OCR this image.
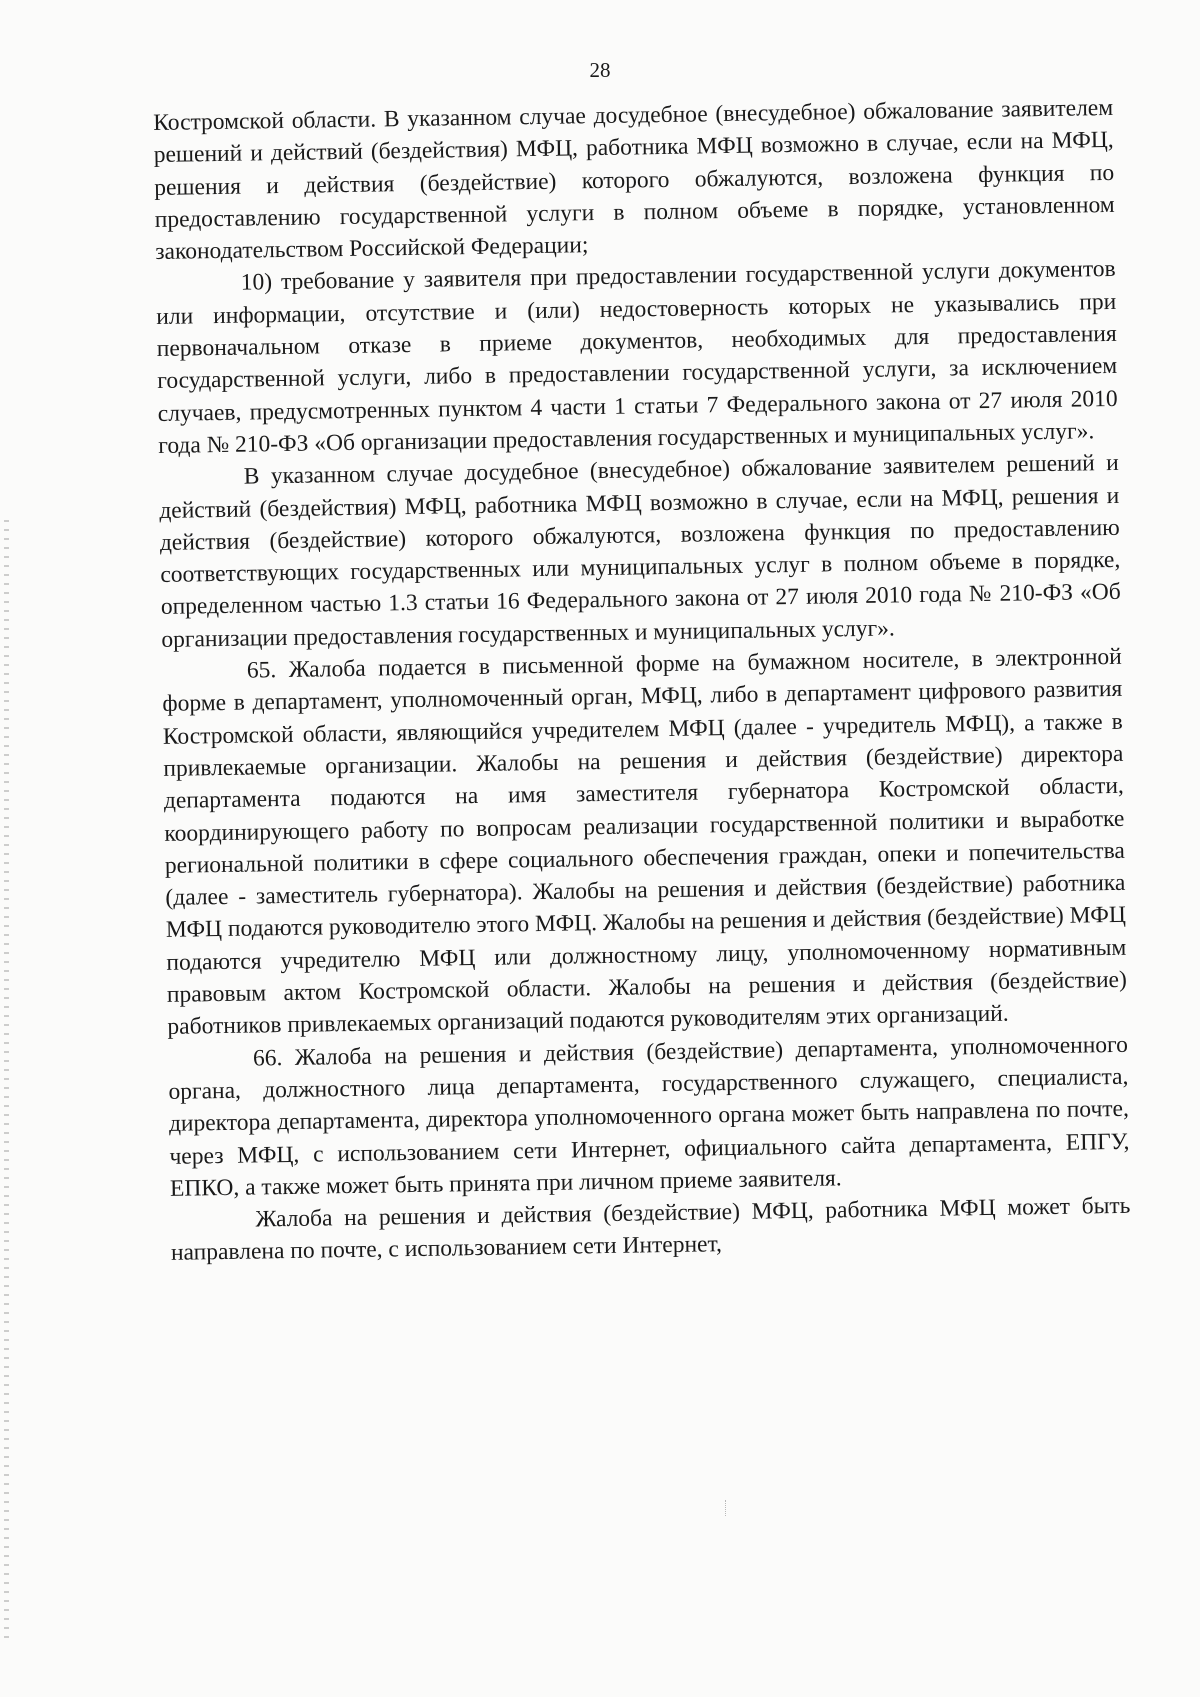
28

Костромской области. В указанном случае досудебное (внесудебное) обжалование заявителем решений и действий (бездействия) МФЦ, работника МФЦ возможно в случае, если на МФЦ, решения и действия (бездействие) которого обжалуются, возложена функция по предоставлению государственной услуги в полном объеме в порядке, установленном законодательством Российской Федерации;

10) требование у заявителя при предоставлении государственной услуги документов или информации, отсутствие и (или) недостоверность которых не указывались при первоначальном отказе в приеме документов, необходимых для предоставления государственной услуги, либо в предоставлении государственной услуги, за исключением случаев, предусмотренных пунктом 4 части 1 статьи 7 Федерального закона от 27 июля 2010 года № 210-ФЗ «Об организации предоставления государственных и муниципальных услуг».

В указанном случае досудебное (внесудебное) обжалование заявителем решений и действий (бездействия) МФЦ, работника МФЦ возможно в случае, если на МФЦ, решения и действия (бездействие) которого обжалуются, возложена функция по предоставлению соответствующих государственных или муниципальных услуг в полном объеме в порядке, определенном частью 1.3 статьи 16 Федерального закона от 27 июля 2010 года № 210-ФЗ «Об организации предоставления государственных и муниципальных услуг».

65. Жалоба подается в письменной форме на бумажном носителе, в электронной форме в департамент, уполномоченный орган, МФЦ, либо в департамент цифрового развития Костромской области, являющийся учредителем МФЦ (далее - учредитель МФЦ), а также в привлекаемые организации. Жалобы на решения и действия (бездействие) директора департамента подаются на имя заместителя губернатора Костромской области, координирующего работу по вопросам реализации государственной политики и выработке региональной политики в сфере социального обеспечения граждан, опеки и попечительства (далее - заместитель губернатора). Жалобы на решения и действия (бездействие) работника МФЦ подаются руководителю этого МФЦ. Жалобы на решения и действия (бездействие) МФЦ подаются учредителю МФЦ или должностному лицу, уполномоченному нормативным правовым актом Костромской области. Жалобы на решения и действия (бездействие) работников привлекаемых организаций подаются руководителям этих организаций.

66. Жалоба на решения и действия (бездействие) департамента, уполномоченного органа, должностного лица департамента, государственного служащего, специалиста, директора департамента, директора уполномоченного органа может быть направлена по почте, через МФЦ, с использованием сети Интернет, официального сайта департамента, ЕПГУ, ЕПКО, а также может быть принята при личном приеме заявителя.

Жалоба на решения и действия (бездействие) МФЦ, работника МФЦ может быть направлена по почте, с использованием сети Интернет,
